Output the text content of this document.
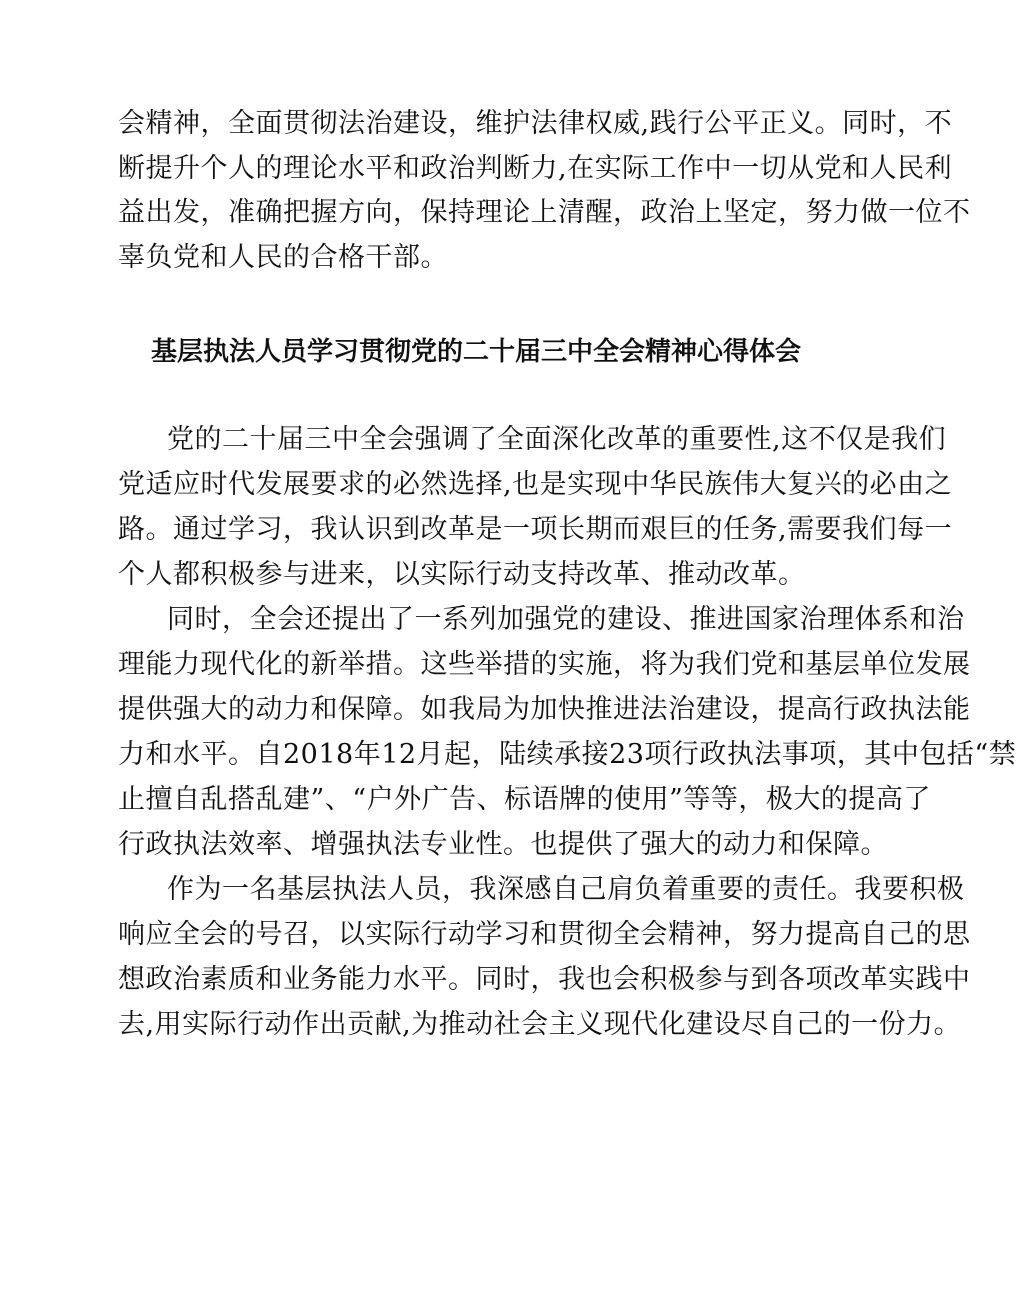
会精神，全面贯彻法治建设，维护法律权威,践行公平正义。同时，不
断提升个人的理论水平和政治判断力,在实际工作中一切从党和人民利
益出发，准确把握方向，保持理论上清醒，政治上坚定，努力做一位不
辜负党和人民的合格干部。
基层执法人员学习贯彻党的二十届三中全会精神心得体会
党的二十届三中全会强调了全面深化改革的重要性,这不仅是我们
党适应时代发展要求的必然选择,也是实现中华民族伟大复兴的必由之
路。通过学习，我认识到改革是一项长期而艰巨的任务,需要我们每一
个人都积极参与进来，以实际行动支持改革、推动改革。
同时，全会还提出了一系列加强党的建设、推进国家治理体系和治
理能力现代化的新举措。这些举措的实施，将为我们党和基层单位发展
提供强大的动力和保障。如我局为加快推进法治建设，提高行政执法能
力和水平。自2018年12月起，陆续承接23项行政执法事项，其中包括“禁
止擅自乱搭乱建”、“户外广告、标语牌的使用”等等，极大的提高了
行政执法效率、增强执法专业性。也提供了强大的动力和保障。
作为一名基层执法人员，我深感自己肩负着重要的责任。我要积极
响应全会的号召，以实际行动学习和贯彻全会精神，努力提高自己的思
想政治素质和业务能力水平。同时，我也会积极参与到各项改革实践中
去,用实际行动作出贡献,为推动社会主义现代化建设尽自己的一份力。
